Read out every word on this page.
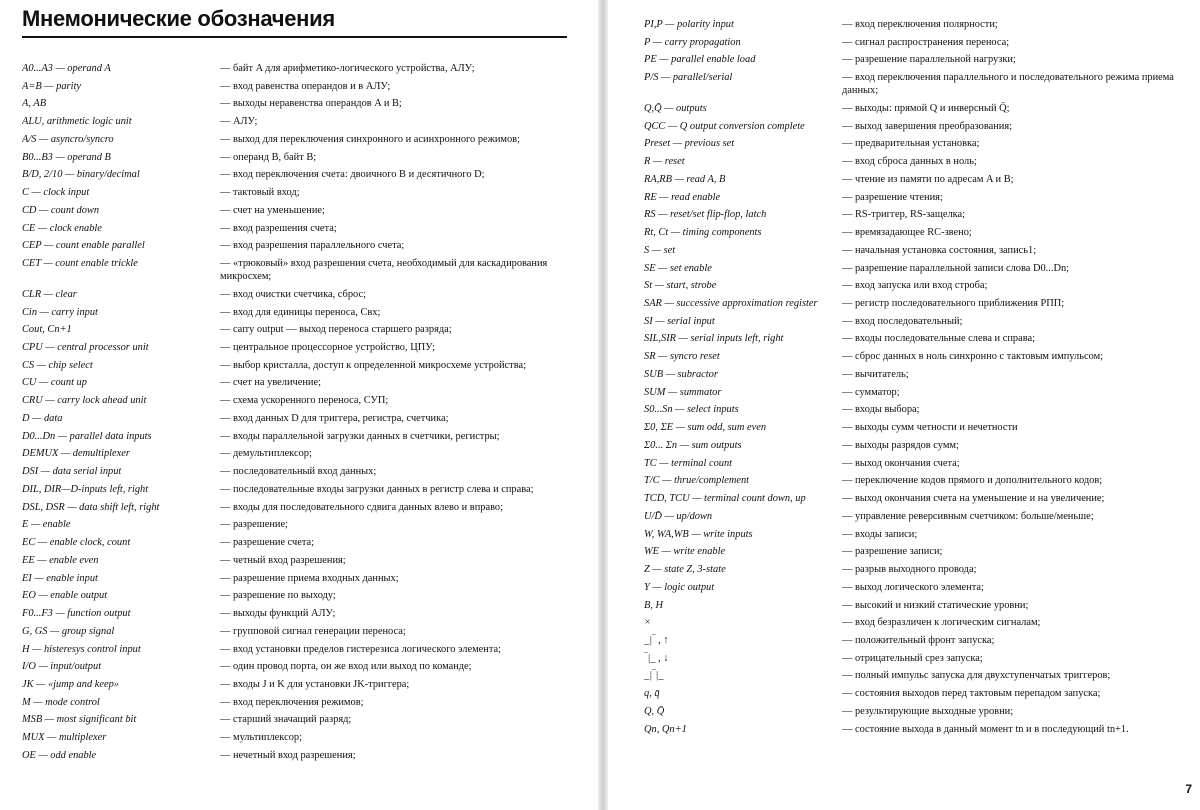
Мнемонические обозначения
A0...A3 — operand A	— байт A для арифметико-логического устройства, АЛУ;
A=B — parity	— вход равенства операндов и в АЛУ;
A, AB	— выходы неравенства операндов A и B;
ALU, arithmetic logic unit	— АЛУ;
A/S — asyncro/syncro	— выход для переключения синхронного и асинхронного режимов;
B0...B3 — operand B	— операнд B, байт B;
B/D, 2/10 — binary/decimal	— вход переключения счета: двоичного B и десятичного D;
C — clock input	— тактовый вход;
CD — count down	— счет на уменьшение;
CE — clock enable	— вход разрешения счета;
CEP — count enable parallel	— вход разрешения параллельного счета;
CET — count enable trickle	— «трюковый» вход разрешения счета, необходимый для каскадирования микросхем;
CLR — clear	— вход очистки счетчика, сброс;
Cin — carry input	— вход для единицы переноса, Cвх;
Cout, Cn+1	— carry output — выход переноса старшего разряда;
CPU — central processor unit	— центральное процессорное устройство, ЦПУ;
CS — chip select	— выбор кристалла, доступ к определенной микросхеме устройства;
CU — count up	— счет на увеличение;
CRU — carry lock ahead unit	— схема ускоренного переноса, СУП;
D — data	— вход данных D для триггера, регистра, счетчика;
D0...Dn — parallel data inputs	— входы параллельной загрузки данных в счетчики, регистры;
DEMUX — demultiplexer	— демультиплексор;
DSI — data serial input	— последовательный вход данных;
DIL, DIR—D-inputs left, right	— последовательные входы загрузки данных в регистр слева и справа;
DSL, DSR — data shift left, right	— входы для последовательного сдвига данных влево и вправо;
E — enable	— разрешение;
EC — enable clock, count	— разрешение счета;
EE — enable even	— четный вход разрешения;
EI — enable input	— разрешение приема входных данных;
EO — enable output	— разрешение по выходу;
F0...F3 — function output	— выходы функций АЛУ;
G, GS — group signal	— групповой сигнал генерации переноса;
H — histeresys control input	— вход установки пределов гистерезиса логического элемента;
I/O — input/output	— один провод порта, он же вход или выход по команде;
JK — «jump and keep»	— входы J и K для установки JK-триггера;
M — mode control	— вход переключения режимов;
MSB — most significant bit	— старший значащий разряд;
MUX — multiplexer	— мультиплексор;
OE — odd enable	— нечетный вход разрешения;
PI,P — polarity input	— вход переключения полярности;
P — carry propagation	— сигнал распространения переноса;
PE — parallel enable load	— разрешение параллельной нагрузки;
P/S — parallel/serial	— вход переключения параллельного и последовательного режима приема данных;
Q,Q̄ — outputs	— выходы: прямой Q и инверсный Q̄;
QCC — Q output conversion complete	— выход завершения преобразования;
Preset — previous set	— предварительная установка;
R — reset	— вход сброса данных в ноль;
RA,RB — read A, B	— чтение из памяти по адресам A и B;
RE — read enable	— разрешение чтения;
RS — reset/set flip-flop, latch	— RS-триггер, RS-защелка;
Rt, Ct — timing components	— времязадающее RC-звено;
S — set	— начальная установка состояния, запись1;
SE — set enable	— разрешение параллельной записи слова D0...Dn;
St — start, strobe	— вход запуска или вход строба;
SAR — successive approximation register	— регистр последовательного приближения РПП;
SI — serial input	— вход последовательный;
SIL,SIR — serial inputs left, right	— входы последовательные слева и справа;
SR — syncro reset	— сброс данных в ноль синхронно с тактовым импульсом;
SUB — subractor	— вычитатель;
SUM — summator	— сумматор;
S0...Sn — select inputs	— входы выбора;
Σ0, ΣE — sum odd, sum even	— выходы сумм четности и нечетности
Σ0... Σn — sum outputs	— выходы разрядов сумм;
TC — terminal count	— выход окончания счета;
T/C — thrue/complement	— переключение кодов прямого и дополнительного кодов;
TCD, TCU — terminal count down, up	— выход окончания счета на уменьшение и на увеличение;
U/D̄ — up/down	— управление реверсивным счетчиком: больше/меньше;
W, WA,WB — write inputs	— входы записи;
WE — write enable	— разрешение записи;
Z — state Z, 3-state	— разрыв выходного провода;
Y — logic output	— выход логического элемента;
B, H	— высокий и низкий статические уровни;
×	— вход безразличен к логическим сигналам;
_|‾ , ↑	— положительный фронт запуска;
‾|_ , ↓	— отрицательный срез запуска;
_|‾|_	— полный импульс запуска для двухступенчатых триггеров;
q, q̄	— состояния выходов перед тактовым перепадом запуска;
Q, Q̄	— результирующие выходные уровни;
Qn, Qn+1	— состояние выхода в данный момент tn и в последующий tn+1.
7
